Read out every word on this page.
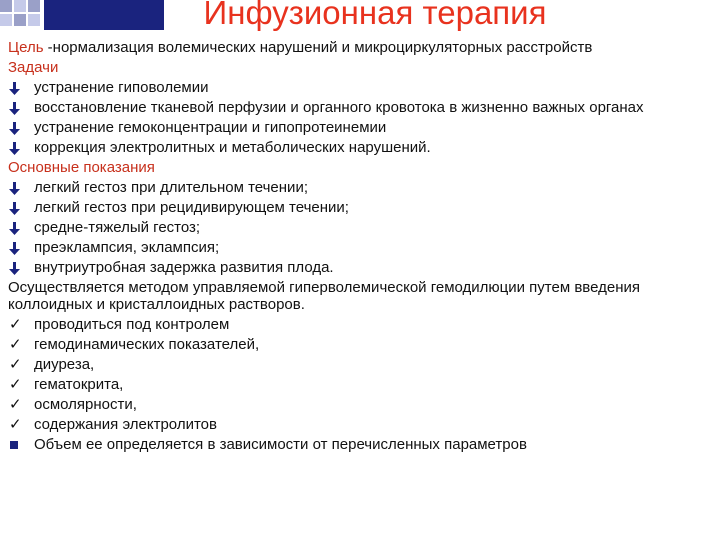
Инфузионная терапия
Цель -нормализация волемических нарушений и микроциркуляторных расстройств
Задачи
устранение гиповолемии
восстановление тканевой перфузии и органного кровотока в жизненно важных органах
устранение гемоконцентрации и гипопротеинемии
коррекция электролитных и метаболических нарушений.
Основные показания
легкий гестоз при длительном течении;
легкий гестоз при рецидивирующем течении;
средне-тяжелый гестоз;
преэклампсия, эклампсия;
внутриутробная задержка развития плода.
Осуществляется методом управляемой гиперволемической гемодилюции путем введения коллоидных и кристаллоидных растворов.
✓ проводиться под контролем
✓ гемодинамических показателей,
✓ диуреза,
✓ гематокрита,
✓ осмолярности,
✓ содержания электролитов
Объем ее определяется в зависимости от перечисленных параметров
